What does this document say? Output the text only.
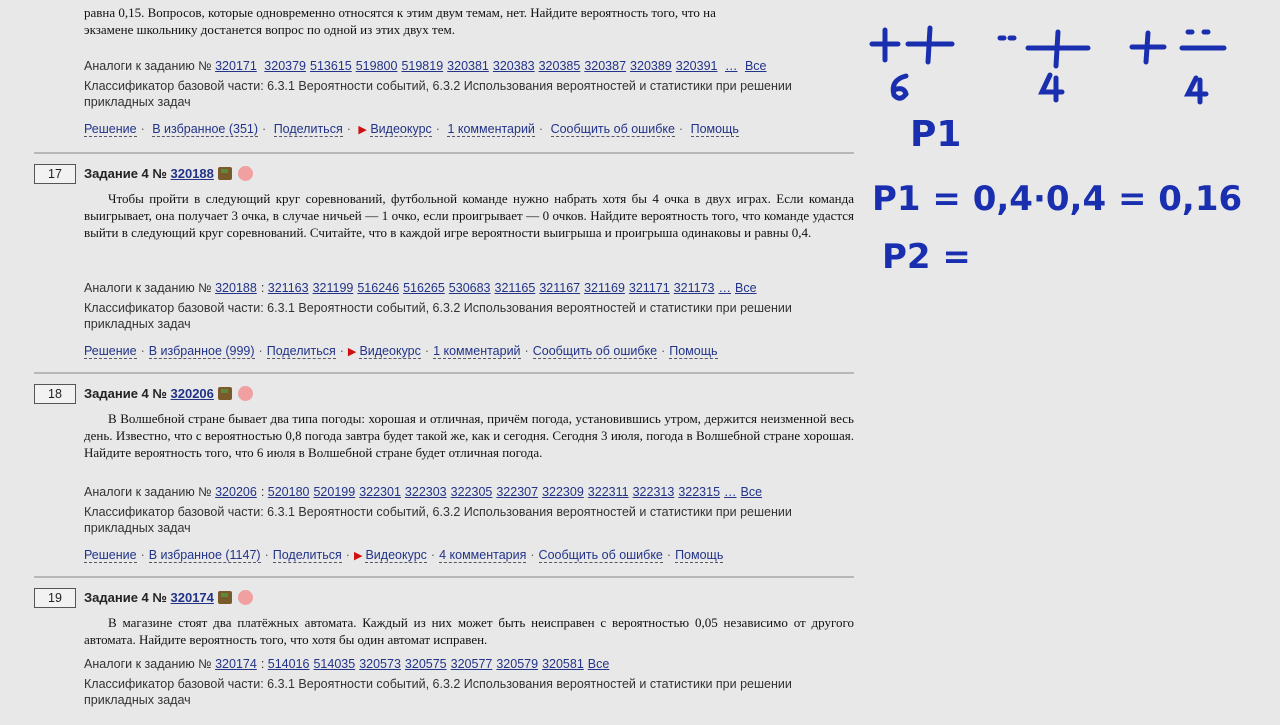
равна 0,15. Вопросов, которые одновременно относятся к этим двум темам, нет. Найдите вероятность того, что на
экзамене школьнику достанется вопрос по одной из этих двух тем.
Аналоги к заданию № 320171 320379 513615 519800 519819 320381 320383 320385 320387 320389 320391 … Все
Классификатор базовой части: 6.3.1 Вероятности событий, 6.3.2 Использования вероятностей и статистики при решении прикладных задач
Решение · В избранное (351) · Поделиться · ▶ Видеокурс · 1 комментарий · Сообщить об ошибке · Помощь
17	Задание 4 № 320188
Чтобы пройти в следующий круг соревнований, футбольной команде нужно набрать хотя бы 4 очка в двух играх. Если команда выигрывает, она получает 3 очка, в случае ничьей — 1 очко, если проигрывает — 0 очков. Найдите вероятность того, что команде удастся выйти в следующий круг соревнований. Считайте, что в каждой игре вероятности выигрыша и проигрыша одинаковы и равны 0,4.
Аналоги к заданию № 320188 : 321163 321199 516246 516265 530683 321165 321167 321169 321171 321173 … Все
Классификатор базовой части: 6.3.1 Вероятности событий, 6.3.2 Использования вероятностей и статистики при решении прикладных задач
Решение · В избранное (999) · Поделиться · ▶ Видеокурс · 1 комментарий · Сообщить об ошибке · Помощь
18	Задание 4 № 320206
В Волшебной стране бывает два типа погоды: хорошая и отличная, причём погода, установившись утром, держится неизменной весь день. Известно, что с вероятностью 0,8 погода завтра будет такой же, как и сегодня. Сегодня 3 июля, погода в Волшебной стране хорошая. Найдите вероятность того, что 6 июля в Волшебной стране будет отличная погода.
Аналоги к заданию № 320206 : 520180 520199 322301 322303 322305 322307 322309 322311 322313 322315 … Все
Классификатор базовой части: 6.3.1 Вероятности событий, 6.3.2 Использования вероятностей и статистики при решении прикладных задач
Решение · В избранное (1147) · Поделиться · ▶ Видеокурс · 4 комментария · Сообщить об ошибке · Помощь
19	Задание 4 № 320174
В магазине стоят два платёжных автомата. Каждый из них может быть неисправен с вероятностью 0,05 независимо от другого автомата. Найдите вероятность того, что хотя бы один автомат исправен.
Аналоги к заданию № 320174 : 514016 514035 320573 320575 320577 320579 320581 Все
Классификатор базовой части: 6.3.1 Вероятности событий, 6.3.2 Использования вероятностей и статистики при решении прикладных задач
P1
P1 = 0,4·0,4 = 0,16
P2 =
